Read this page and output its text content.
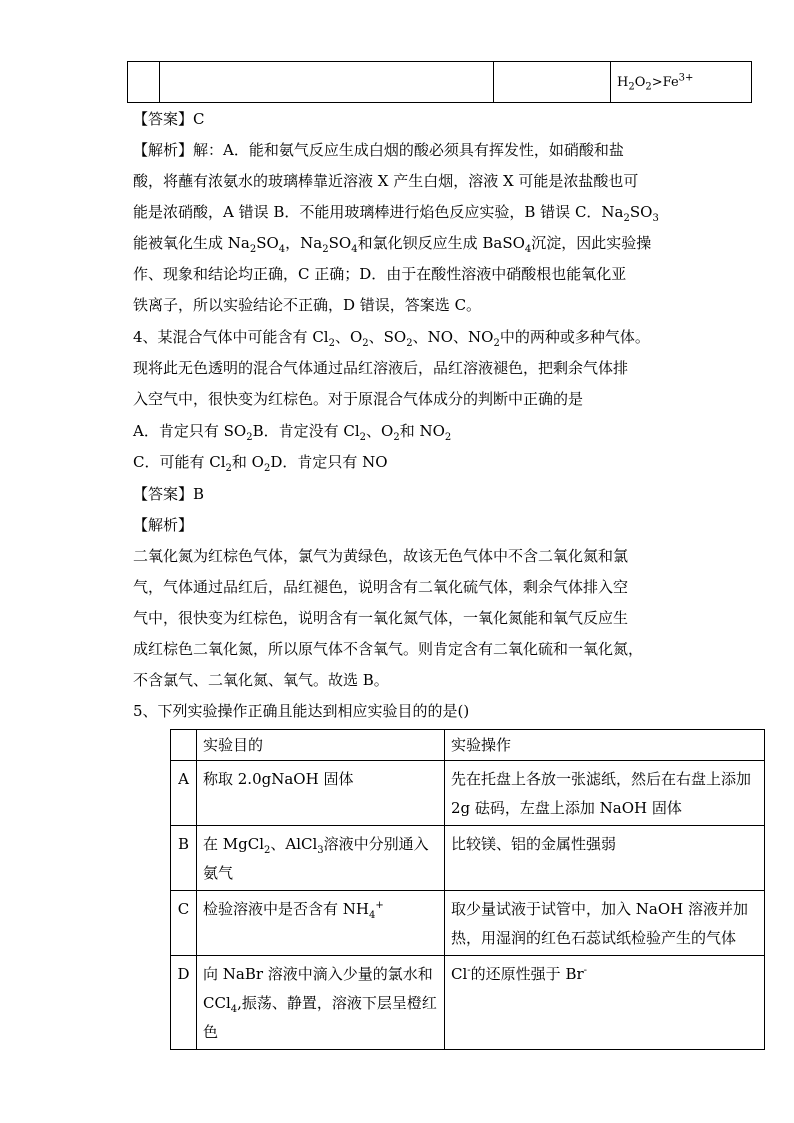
$H_2O_2>Fe^{3+}$
【答案】C
【解析】解：A．能和氨气反应生成白烟的酸必须具有挥发性，如硝酸和盐
酸，将蘸有浓氨水的玻璃棒靠近溶液 X 产生白烟，溶液 X 可能是浓盐酸也可
能是浓硝酸，A 错误 B．不能用玻璃棒进行焰色反应实验，B 错误 C．$Na_2SO_3$
能被氧化生成 $Na_2SO_4$，$Na_2SO_4$和氯化钡反应生成 BaSO$_4$沉淀，因此实验操
作、现象和结论均正确，C 正确；D．由于在酸性溶液中硝酸根也能氧化亚
铁离子，所以实验结论不正确，D 错误，答案选 C。
4、某混合气体中可能含有 $Cl_2$、$O_2$、$SO_2$、NO、$NO_2$中的两种或多种气体。
现将此无色透明的混合气体通过品红溶液后，品红溶液褪色，把剩余气体排
入空气中，很快变为红棕色。对于原混合气体成分的判断中正确的是
A．肯定只有 $SO_2B$．肯定没有 $Cl_2$、$O_2$和 $NO_2$
C．可能有 $Cl_2$和 $O_2D$．肯定只有 NO
【答案】B
【解析】
二氧化氮为红棕色气体，氯气为黄绿色，故该无色气体中不含二氧化氮和氯
气，气体通过品红后，品红褪色，说明含有二氧化硫气体，剩余气体排入空
气中，很快变为红棕色，说明含有一氧化氮气体，一氧化氮能和氧气反应生
成红棕色二氧化氮，所以原气体不含氧气。则肯定含有二氧化硫和一氧化氮，
不含氯气、二氧化氮、氧气。故选 B。
5、下列实验操作正确且能达到相应实验目的的是()
	实验目的	实验操作
A	称取 2.0gNaOH 固体	先在托盘上各放一张滤纸，然后在右盘上添加 2g 砝码，左盘上添加 NaOH 固体
B	在 MgCl$_2$、AlCl$_3$溶液中分别通入氨气	比较镁、铝的金属性强弱
C	检验溶液中是否含有 $NH_4^+$	取少量试液于试管中，加入 NaOH 溶液并加热，用湿润的红色石蕊试纸检验产生的气体
D	向 NaBr 溶液中滴入少量的氯水和 CCl$_4$,振荡、静置，溶液下层呈橙红色	Cl-的还原性强于 Br-
